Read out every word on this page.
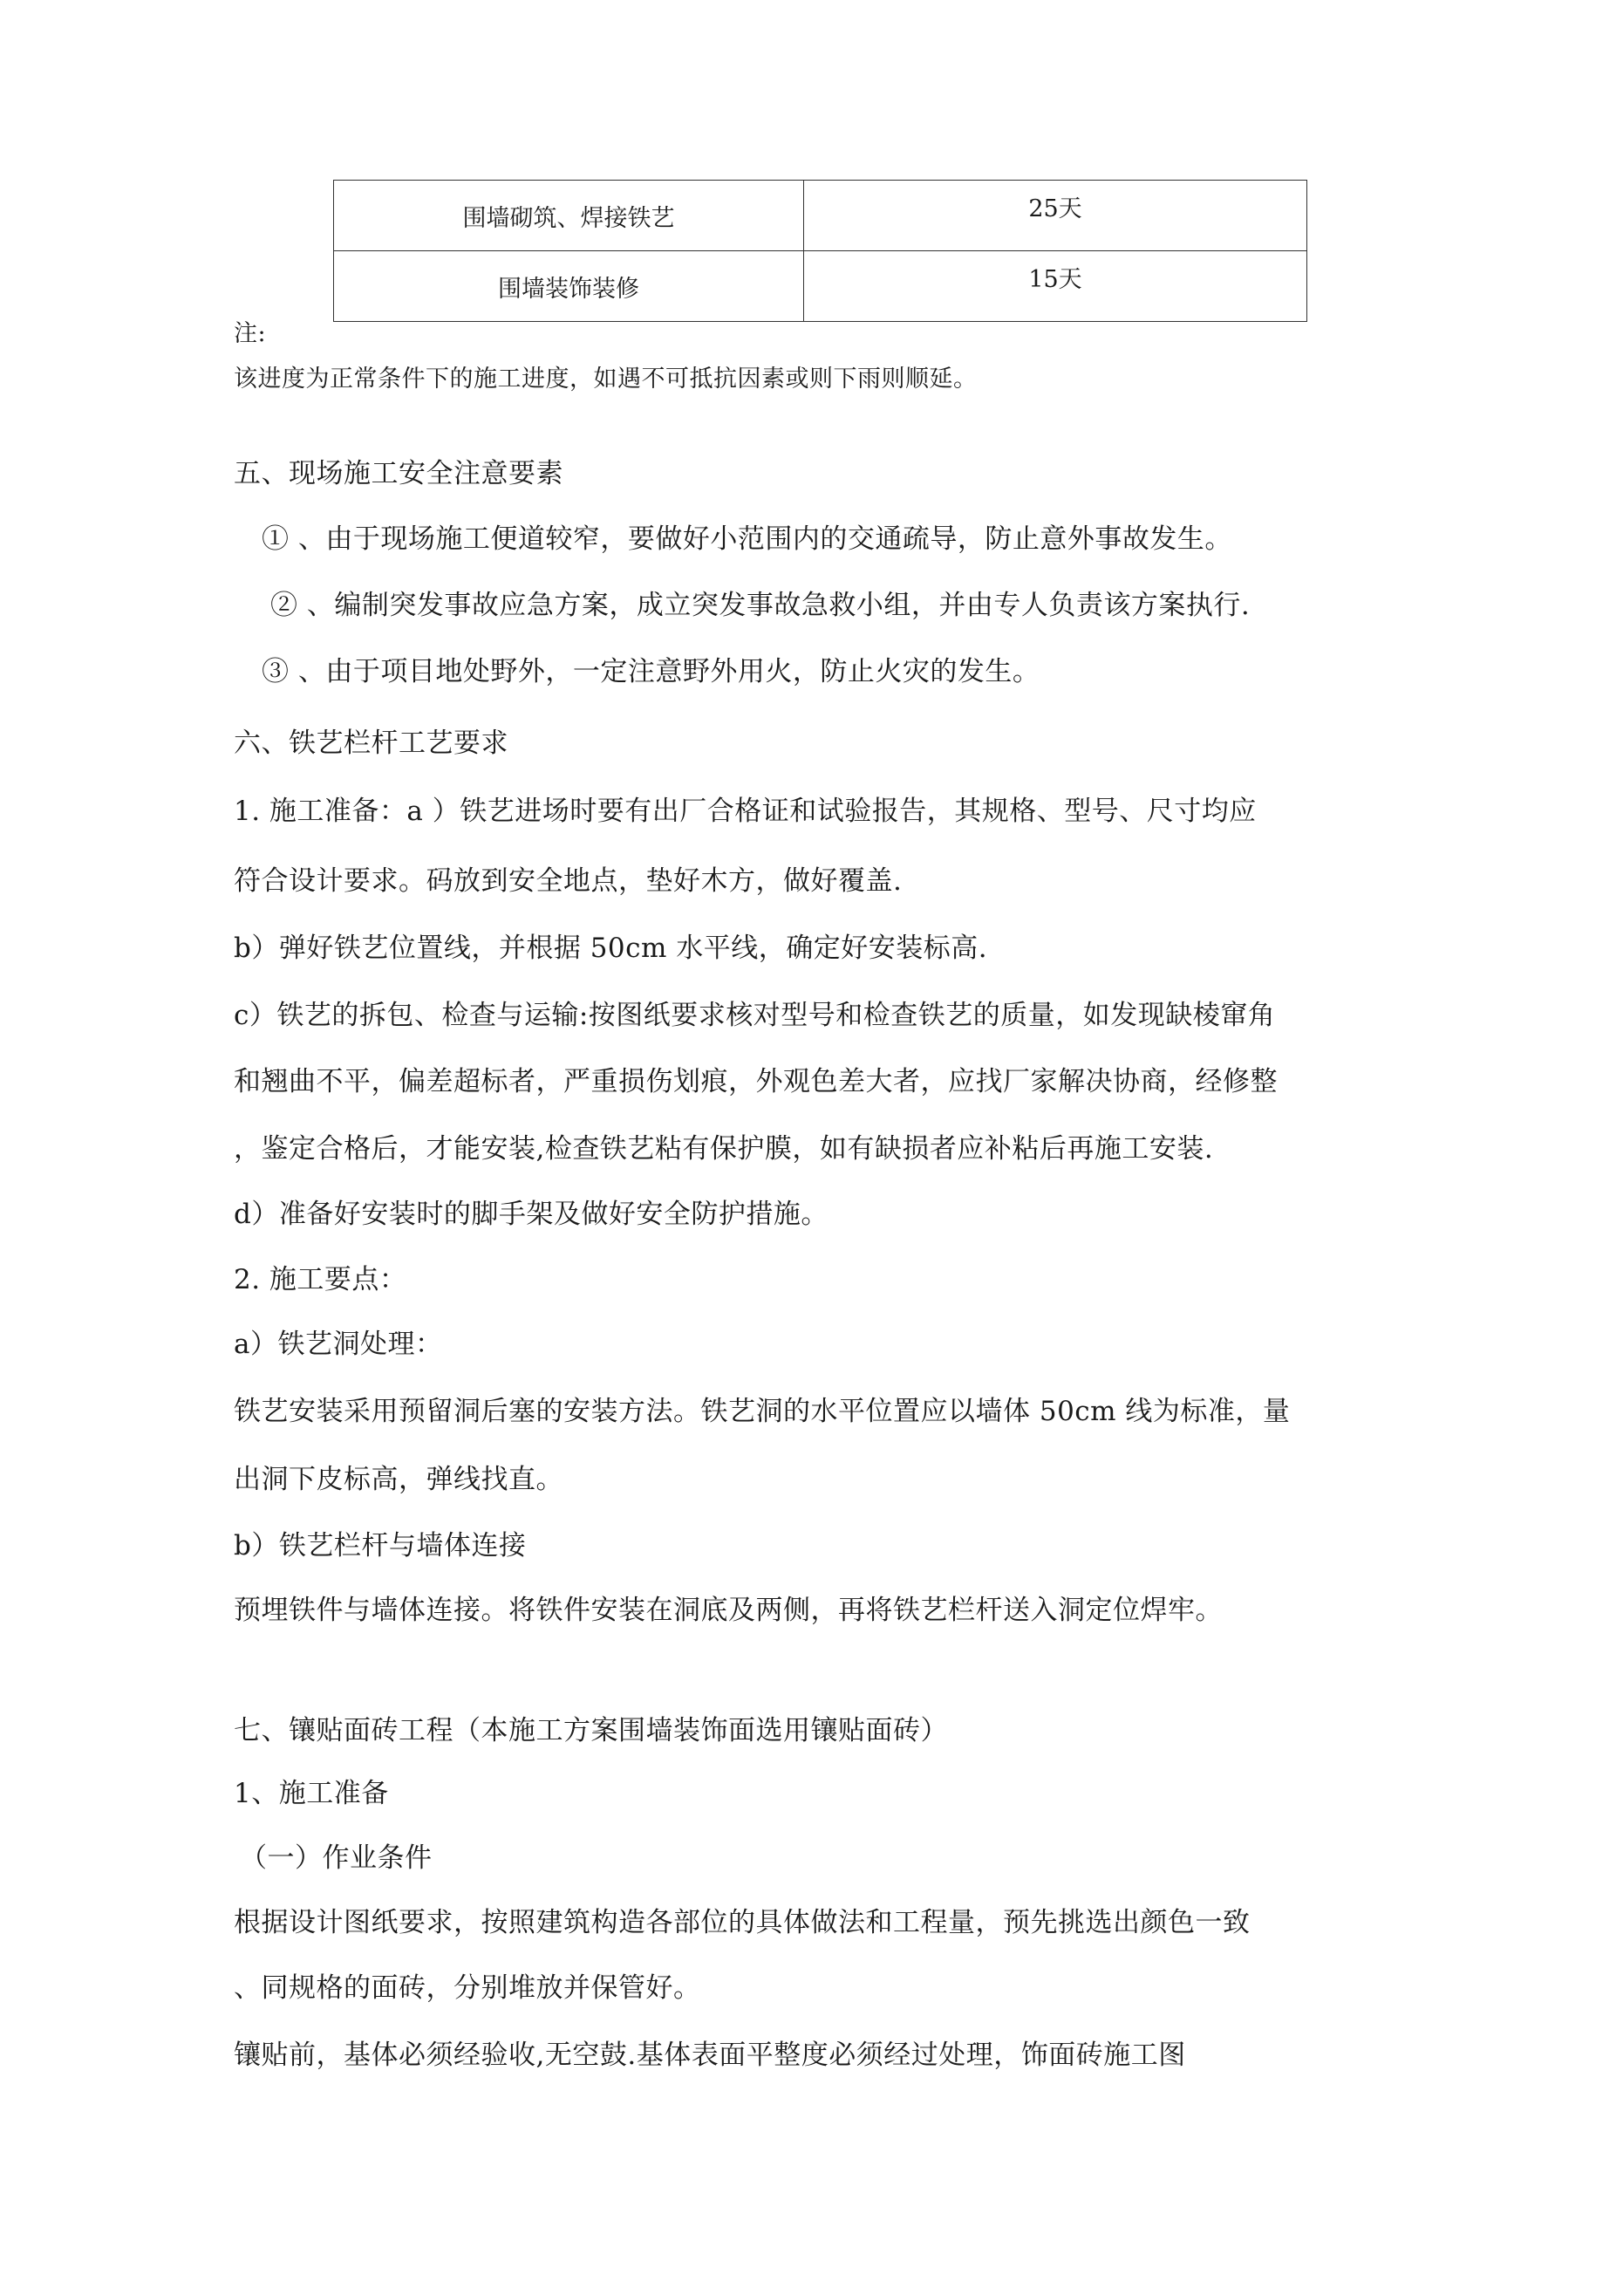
围墙砌筑、焊接铁艺	25天
围墙装饰装修	15天
注:
该进度为正常条件下的施工进度，如遇不可抵抗因素或则下雨则顺延。
五、现场施工安全注意要素
① 、由于现场施工便道较窄，要做好小范围内的交通疏导，防止意外事故发生。
② 、编制突发事故应急方案，成立突发事故急救小组，并由专人负责该方案执行.
③ 、由于项目地处野外，一定注意野外用火，防止火灾的发生。
六、铁艺栏杆工艺要求
1. 施工准备：a ）铁艺进场时要有出厂合格证和试验报告，其规格、型号、尺寸均应
符合设计要求。码放到安全地点，垫好木方，做好覆盖.
b）弹好铁艺位置线，并根据 50cm 水平线，确定好安装标高.
c）铁艺的拆包、检查与运输:按图纸要求核对型号和检查铁艺的质量，如发现缺棱窜角
和翘曲不平，偏差超标者，严重损伤划痕，外观色差大者，应找厂家解决协商，经修整
，鉴定合格后，才能安装,检查铁艺粘有保护膜，如有缺损者应补粘后再施工安装.
d）准备好安装时的脚手架及做好安全防护措施。
2. 施工要点：
a）铁艺洞处理：
铁艺安装采用预留洞后塞的安装方法。铁艺洞的水平位置应以墙体 50cm 线为标准，量
出洞下皮标高，弹线找直。
b）铁艺栏杆与墙体连接
预埋铁件与墙体连接。将铁件安装在洞底及两侧，再将铁艺栏杆送入洞定位焊牢。
七、镶贴面砖工程（本施工方案围墙装饰面选用镶贴面砖）
1、施工准备
（一）作业条件
根据设计图纸要求，按照建筑构造各部位的具体做法和工程量，预先挑选出颜色一致
、同规格的面砖，分别堆放并保管好。
镶贴前，基体必须经验收,无空鼓.基体表面平整度必须经过处理，饰面砖施工图
